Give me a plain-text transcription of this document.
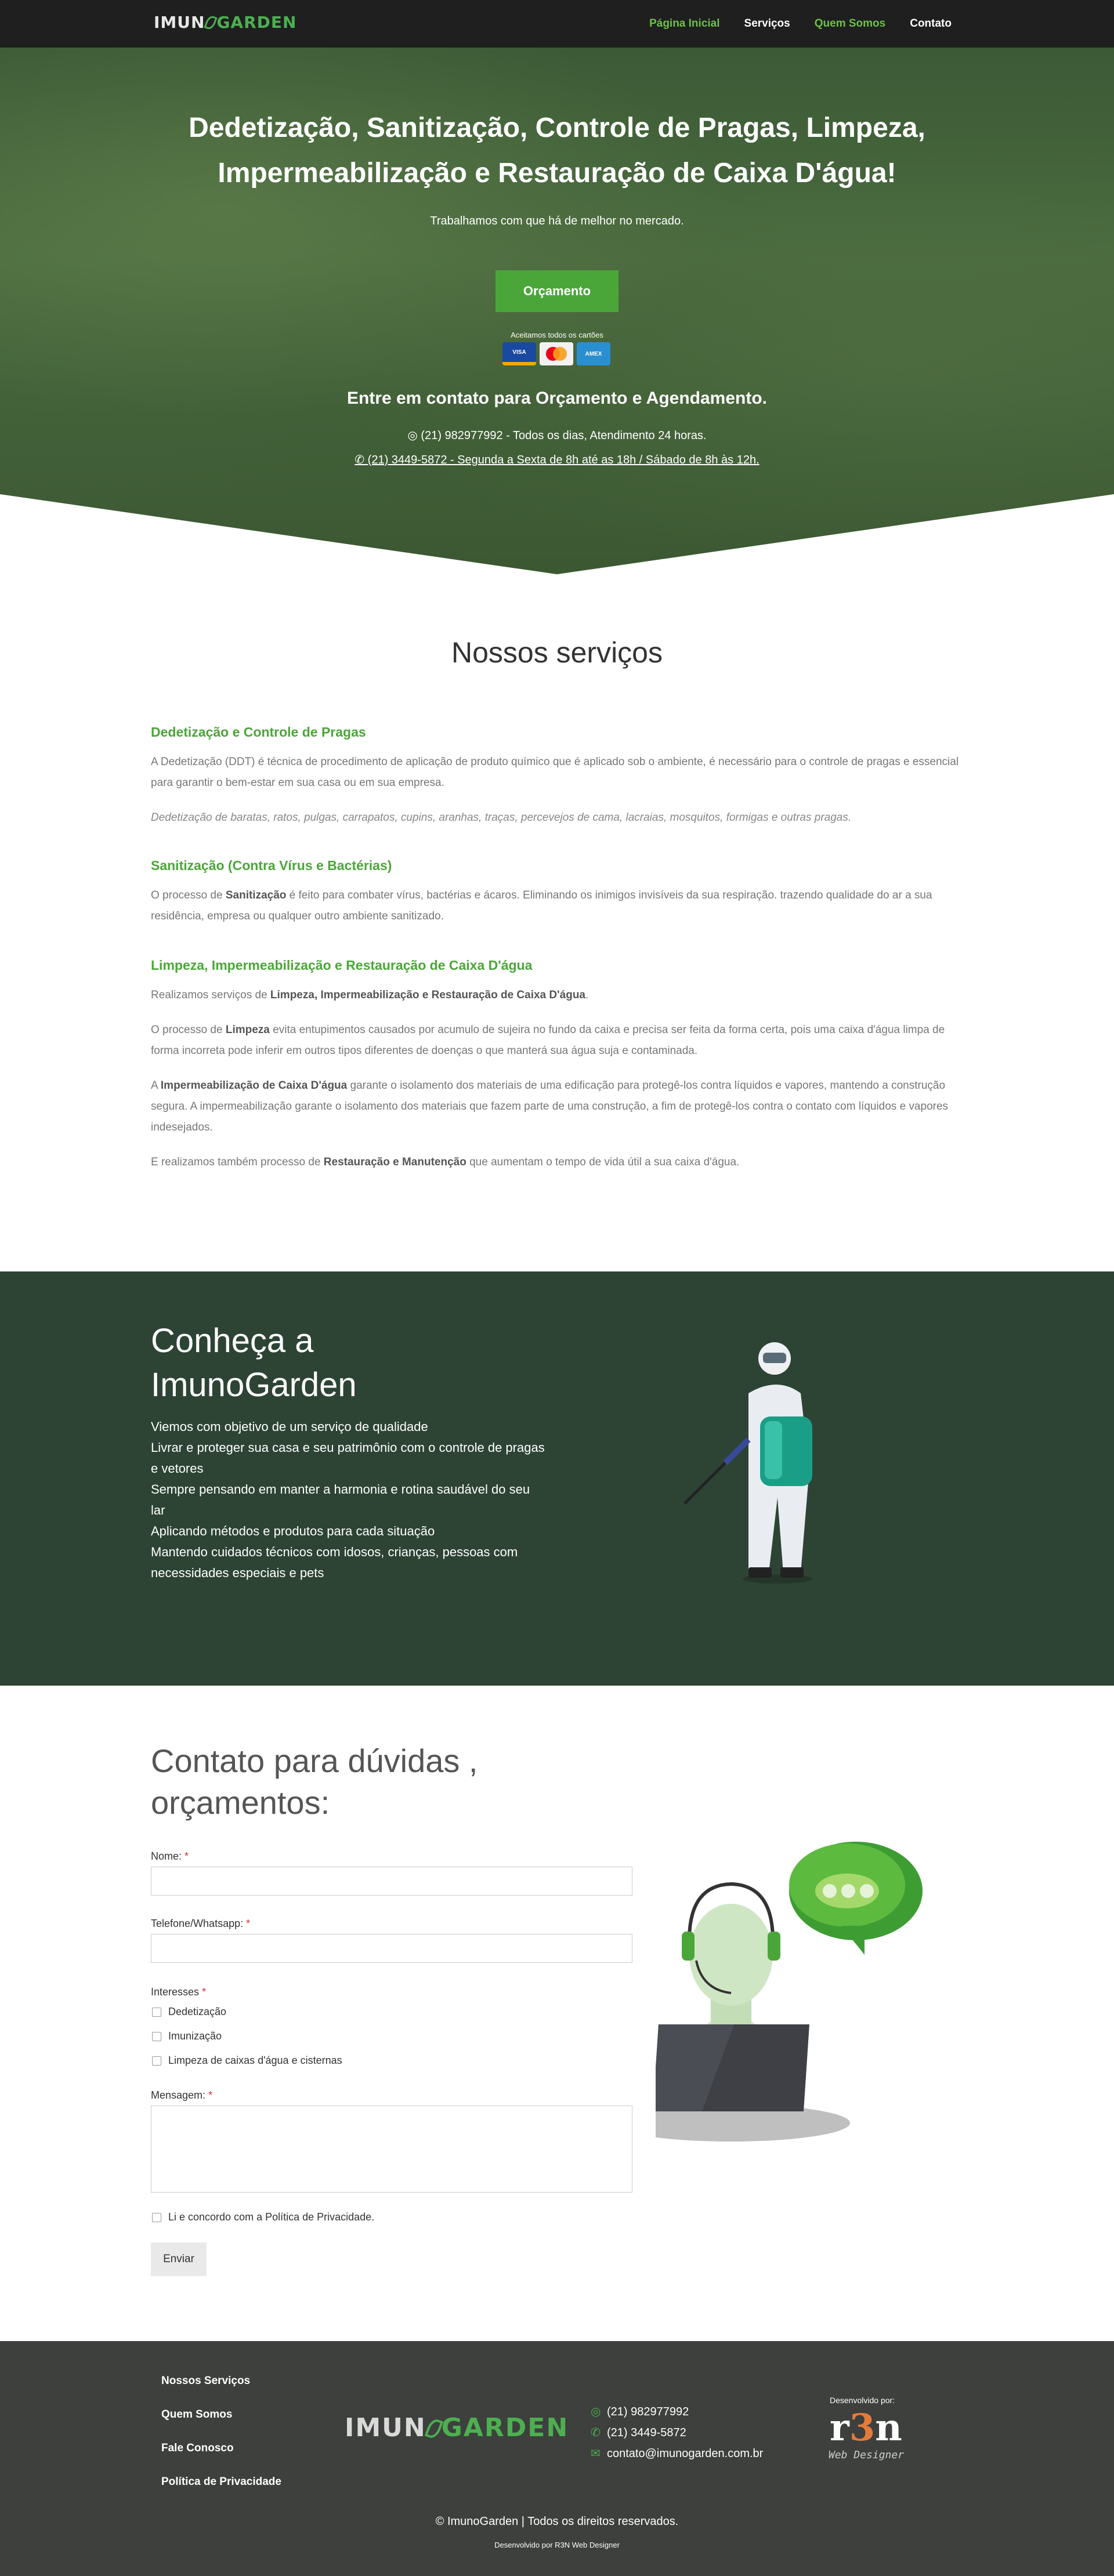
IMUN GARDEN	Página Inicial Serviços Quem Somos Contato
Dedetização, Sanitização, Controle de Pragas, Limpeza, Impermeabilização e Restauração de Caixa D'água!
Trabalhamos com que há de melhor no mercado.
Orçamento
Aceitamos todos os cartões
VISA	AMEX
Entre em contato para Orçamento e Agendamento.
◎ (21) 982977992 - Todos os dias, Atendimento 24 horas.
✆ (21) 3449-5872 - Segunda a Sexta de 8h até as 18h / Sábado de 8h às 12h.
Nossos serviços
Dedetização e Controle de Pragas

A Dedetização (DDT) é técnica de procedimento de aplicação de produto químico que é aplicado sob o ambiente, é necessário para o controle de pragas e essencial para garantir o bem-estar em sua casa ou em sua empresa.

Dedetização de baratas, ratos, pulgas, carrapatos, cupins, aranhas, traças, percevejos de cama, lacraias, mosquitos, formigas e outras pragas.

Sanitização (Contra Vírus e Bactérias)

O processo de Sanitização é feito para combater vírus, bactérias e ácaros. Eliminando os inimigos invisíveis da sua respiração. trazendo qualidade do ar a sua residência, empresa ou qualquer outro ambiente sanitizado.

Limpeza, Impermeabilização e Restauração de Caixa D'água

Realizamos serviços de Limpeza, Impermeabilização e Restauração de Caixa D'água.

O processo de Limpeza evita entupimentos causados por acumulo de sujeira no fundo da caixa e precisa ser feita da forma certa, pois uma caixa d'água limpa de forma incorreta pode inferir em outros tipos diferentes de doenças o que manterá sua água suja e contaminada.

A Impermeabilização de Caixa D'água garante o isolamento dos materiais de uma edificação para protegê-los contra líquidos e vapores, mantendo a construção segura. A impermeabilização garante o isolamento dos materiais que fazem parte de uma construção, a fim de protegê-los contra o contato com líquidos e vapores indesejados.

E realizamos também processo de Restauração e Manutenção que aumentam o tempo de vida útil a sua caixa d'água.

Conheça a ImunoGarden
Viemos com objetivo de um serviço de qualidade
Livrar e proteger sua casa e seu patrimônio com o controle de pragas e vetores
Sempre pensando em manter a harmonia e rotina saudável do seu lar
Aplicando métodos e produtos para cada situação
Mantendo cuidados técnicos com idosos, crianças, pessoas com necessidades especiais e pets
Contato para dúvidas , orçamentos:
Nome: *
Telefone/Whatsapp: *
Interesses *
Dedetização
Imunização
Limpeza de caixas d'água e cisternas
Mensagem: *
Li e concordo com a Política de Privacidade.
Enviar
Nossos Serviços
Quem Somos
Fale Conosco
Política de Privacidade
IMUN GARDEN
◎ (21) 982977992
✆ (21) 3449-5872
✉ contato@imunogarden.com.br
Desenvolvido por:
r3n
Web Designer
© ImunoGarden | Todos os direitos reservados.
Desenvolvido por R3N Web Designer
